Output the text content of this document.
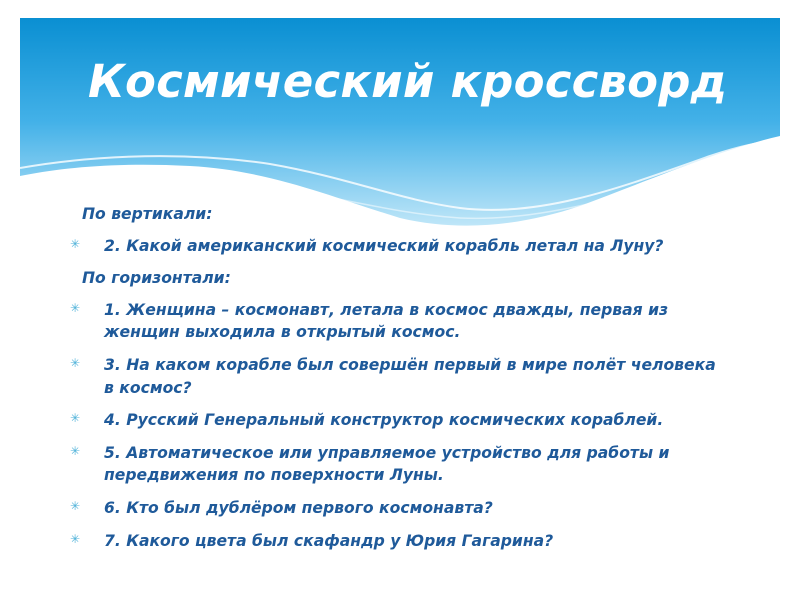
Космический кроссворд

По вертикали:

✳ 2. Какой американский космический корабль летал на Луну?

По горизонтали:

✳ 1. Женщина – космонавт, летала в космос дважды, первая из женщин выходила в открытый космос.
✳ 3. На каком корабле был совершён первый в мире полёт человека в космос?
✳ 4. Русский Генеральный конструктор космических кораблей.
✳ 5. Автоматическое или управляемое устройство для работы и передвижения по поверхности Луны.
✳ 6. Кто был дублёром первого космонавта?
✳ 7. Какого цвета был скафандр у Юрия Гагарина?
